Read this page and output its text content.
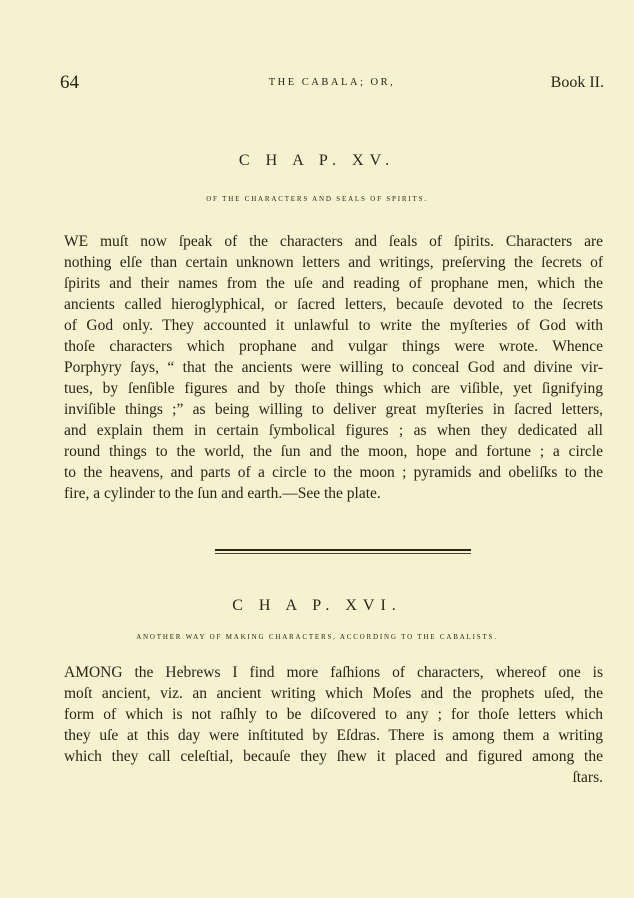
64	THE CABALA; OR,	Book II.
C H A P. XV.
OF THE CHARACTERS AND SEALS OF SPIRITS.
WE muſt now ſpeak of the characters and ſeals of ſpirits. Characters are
nothing elſe than certain unknown letters and writings, preſerving the ſecrets of
ſpirits and their names from the uſe and reading of prophane men, which the
ancients called hieroglyphical, or ſacred letters, becauſe devoted to the ſecrets
of God only. They accounted it unlawful to write the myſteries of God with
thoſe characters which prophane and vulgar things were wrote. Whence
Porphyry ſays, “ that the ancients were willing to conceal God and divine vir-
tues, by ſenſible figures and by thoſe things which are viſible, yet ſignifying
inviſible things ;” as being willing to deliver great myſteries in ſacred letters,
and explain them in certain ſymbolical figures ; as when they dedicated all
round things to the world, the ſun and the moon, hope and fortune ; a circle
to the heavens, and parts of a circle to the moon ; pyramids and obeliſks to the
fire, a cylinder to the ſun and earth.—See the plate.
C H A P. XVI.
ANOTHER WAY OF MAKING CHARACTERS, ACCORDING TO THE CABALISTS.
AMONG the Hebrews I find more faſhions of characters, whereof one is
moſt ancient, viz. an ancient writing which Moſes and the prophets uſed, the
form of which is not raſhly to be diſcovered to any ; for thoſe letters which
they uſe at this day were inſtituted by Eſdras. There is among them a writing
which they call celeſtial, becauſe they ſhew it placed and figured among the
ſtars.
